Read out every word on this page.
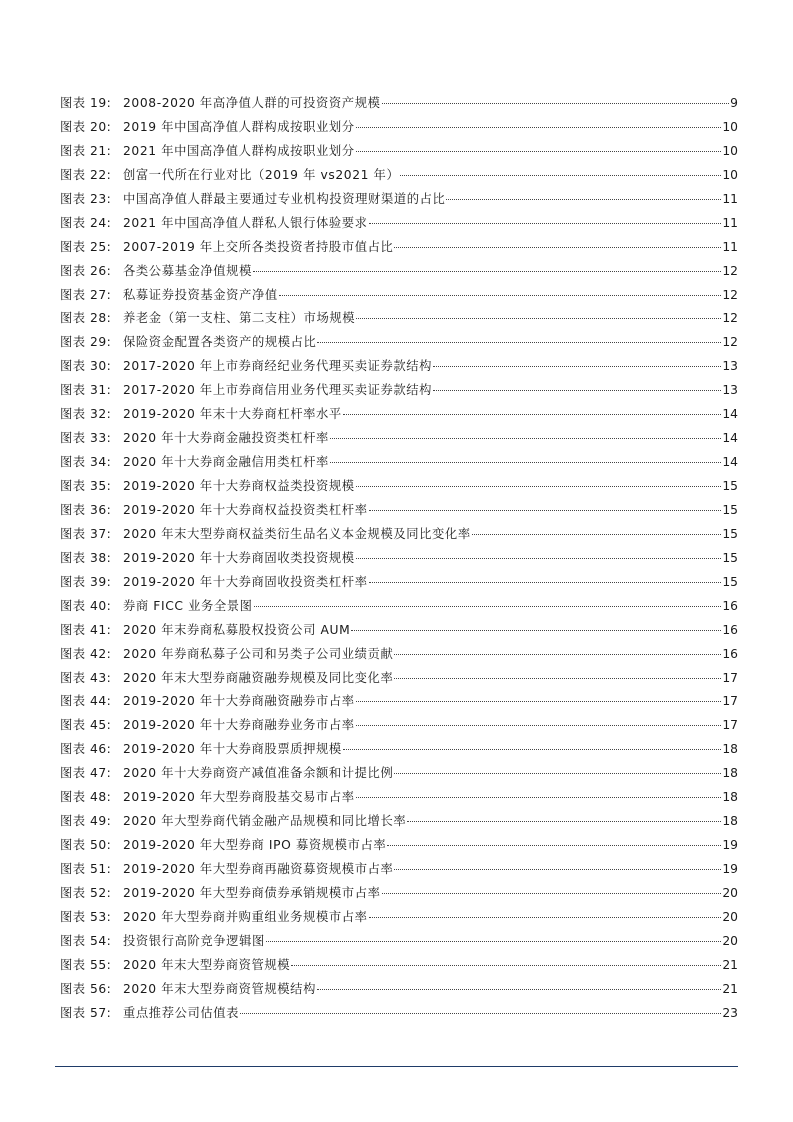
图表 19: 2008-2020 年高净值人群的可投资资产规模	9
图表 20: 2019 年中国高净值人群构成按职业划分	10
图表 21: 2021 年中国高净值人群构成按职业划分	10
图表 22: 创富一代所在行业对比（2019 年 vs2021 年）	10
图表 23: 中国高净值人群最主要通过专业机构投资理财渠道的占比	11
图表 24: 2021 年中国高净值人群私人银行体验要求	11
图表 25: 2007-2019 年上交所各类投资者持股市值占比	11
图表 26: 各类公募基金净值规模	12
图表 27: 私募证券投资基金资产净值	12
图表 28: 养老金（第一支柱、第二支柱）市场规模	12
图表 29: 保险资金配置各类资产的规模占比	12
图表 30: 2017-2020 年上市券商经纪业务代理买卖证券款结构	13
图表 31: 2017-2020 年上市券商信用业务代理买卖证券款结构	13
图表 32: 2019-2020 年末十大券商杠杆率水平	14
图表 33: 2020 年十大券商金融投资类杠杆率	14
图表 34: 2020 年十大券商金融信用类杠杆率	14
图表 35: 2019-2020 年十大券商权益类投资规模	15
图表 36: 2019-2020 年十大券商权益投资类杠杆率	15
图表 37: 2020 年末大型券商权益类衍生品名义本金规模及同比变化率	15
图表 38: 2019-2020 年十大券商固收类投资规模	15
图表 39: 2019-2020 年十大券商固收投资类杠杆率	15
图表 40: 券商 FICC 业务全景图	16
图表 41: 2020 年末券商私募股权投资公司 AUM	16
图表 42: 2020 年券商私募子公司和另类子公司业绩贡献	16
图表 43: 2020 年末大型券商融资融券规模及同比变化率	17
图表 44: 2019-2020 年十大券商融资融券市占率	17
图表 45: 2019-2020 年十大券商融券业务市占率	17
图表 46: 2019-2020 年十大券商股票质押规模	18
图表 47: 2020 年十大券商资产减值准备余额和计提比例	18
图表 48: 2019-2020 年大型券商股基交易市占率	18
图表 49: 2020 年大型券商代销金融产品规模和同比增长率	18
图表 50: 2019-2020 年大型券商 IPO 募资规模市占率	19
图表 51: 2019-2020 年大型券商再融资募资规模市占率	19
图表 52: 2019-2020 年大型券商债券承销规模市占率	20
图表 53: 2020 年大型券商并购重组业务规模市占率	20
图表 54: 投资银行高阶竞争逻辑图	20
图表 55: 2020 年末大型券商资管规模	21
图表 56: 2020 年末大型券商资管规模结构	21
图表 57: 重点推荐公司估值表	23
